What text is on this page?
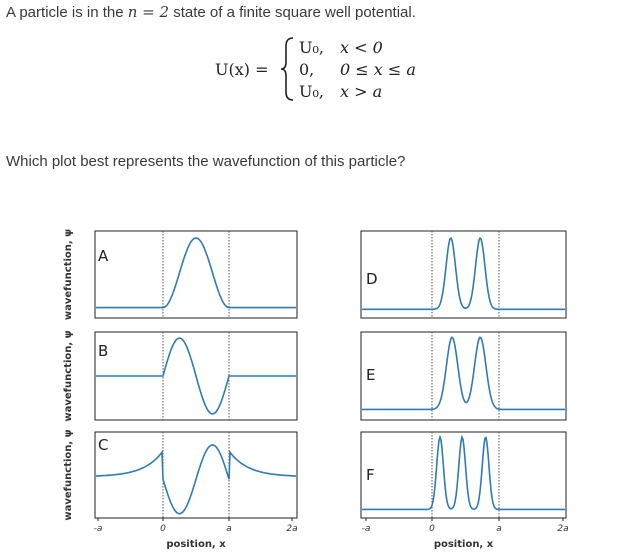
A particle is in the n = 2 state of a finite square well potential.
U(x) =
U₀, x < 0
0, 0 ≤ x ≤ a
U₀, x > a
Which plot best represents the wavefunction of this particle?
A
B
C
D
E
F
wavefunction, ψ
wavefunction, ψ
wavefunction, ψ
-a	0	a	2a
position, x
-a	0	a	2a
position, x
